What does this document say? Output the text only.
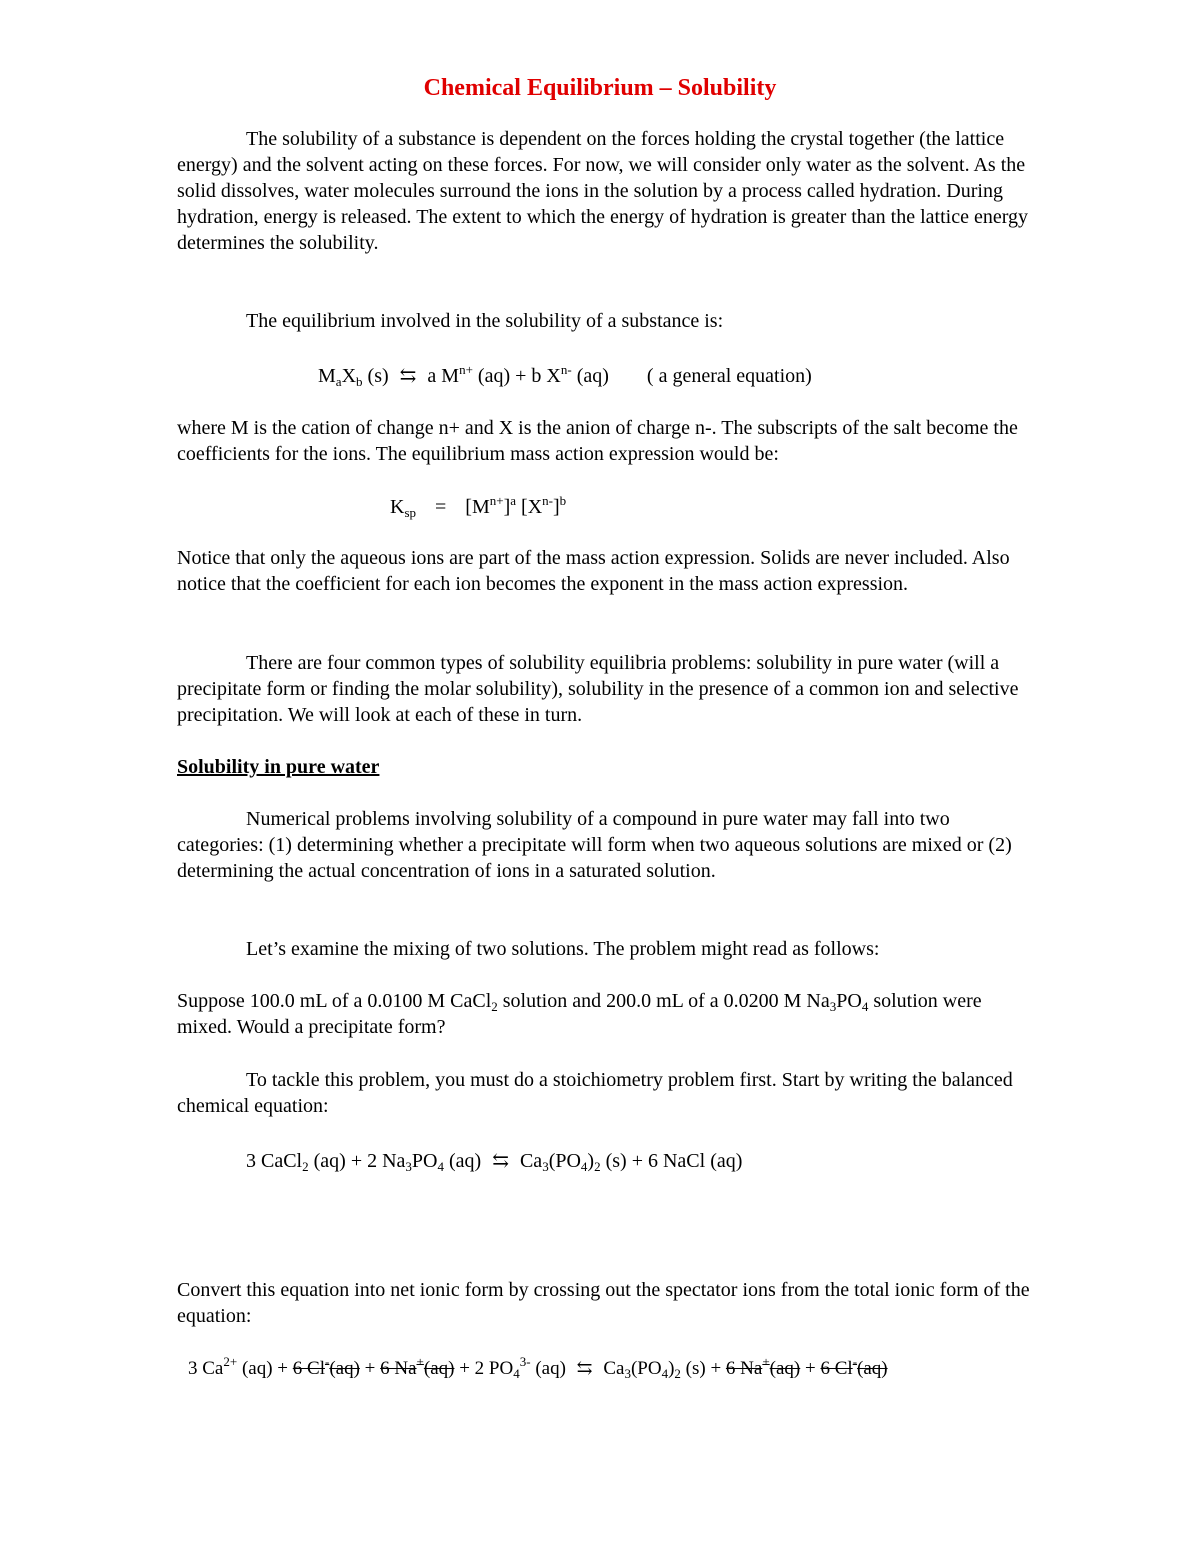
Chemical Equilibrium – Solubility

The solubility of a substance is dependent on the forces holding the crystal together (the lattice energy) and the solvent acting on these forces. For now, we will consider only water as the solvent. As the solid dissolves, water molecules surround the ions in the solution by a process called hydration. During hydration, energy is released. The extent to which the energy of hydration is greater than the lattice energy determines the solubility.

The equilibrium involved in the solubility of a substance is:

$M_aX_b$ (s) ⇆ a $M^{n+}$ (aq) + b $X^{n-}$ (aq) ( a general equation)

where M is the cation of change n+ and X is the anion of charge n-. The subscripts of the salt become the coefficients for the ions. The equilibrium mass action expression would be:

$K_{sp} = [M^{n+}]^a$ $[X^{n-}]^b$

Notice that only the aqueous ions are part of the mass action expression. Solids are never included. Also notice that the coefficient for each ion becomes the exponent in the mass action expression.

There are four common types of solubility equilibria problems: solubility in pure water (will a precipitate form or finding the molar solubility), solubility in the presence of a common ion and selective precipitation. We will look at each of these in turn.

Solubility in pure water

Numerical problems involving solubility of a compound in pure water may fall into two categories: (1) determining whether a precipitate will form when two aqueous solutions are mixed or (2) determining the actual concentration of ions in a saturated solution.

Let’s examine the mixing of two solutions. The problem might read as follows:

Suppose 100.0 mL of a 0.0100 M CaCl$_2$ solution and 200.0 mL of a 0.0200 M $Na_3PO_4$ solution were mixed. Would a precipitate form?

To tackle this problem, you must do a stoichiometry problem first. Start by writing the balanced chemical equation:

3 CaCl$_2$ (aq) + 2 $Na_3PO_4$ (aq) ⇆ $Ca_3(PO_4)_2$ (s) + 6 NaCl (aq)

Convert this equation into net ionic form by crossing out the spectator ions from the total ionic form of the equation:

3 $Ca^{2+}$ (aq) + 6 Cl-(aq) + 6 Na+(aq) + 2 $PO_4^{3-}$ (aq) ⇆ $Ca_3(PO_4)_2$ (s) + 6 Na+(aq) + 6 Cl-(aq)
